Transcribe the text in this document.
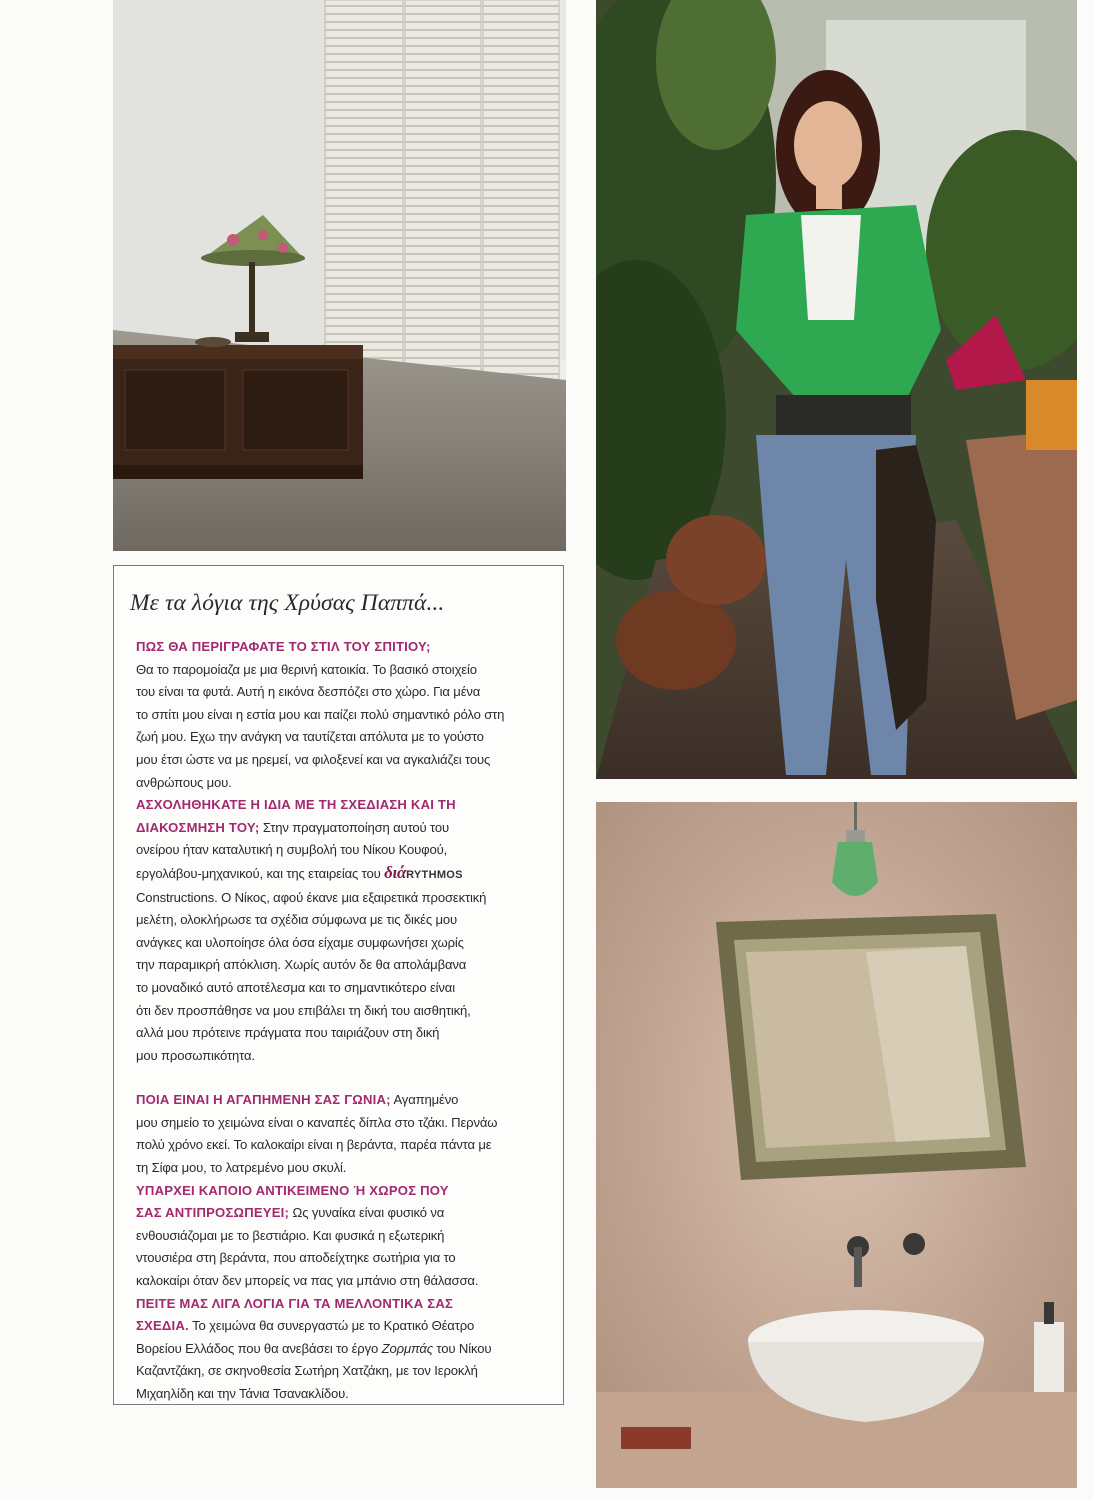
Με τα λόγια της Χρύσας Παππά...

ΠΩΣ ΘΑ ΠΕΡΙΓΡΑΦΑΤΕ ΤΟ ΣΤΙΛ ΤΟΥ ΣΠΙΤΙΟΥ;

Θα το παρομοίαζα με μια θερινή κατοικία. Το βασικό στοιχείο

του είναι τα φυτά. Αυτή η εικόνα δεσπόζει στο χώρο. Για μένα

το σπίτι μου είναι η εστία μου και παίζει πολύ σημαντικό ρόλο στη

ζωή μου. Εχω την ανάγκη να ταυτίζεται απόλυτα με το γούστο

μου έτσι ώστε να με ηρεμεί, να φιλοξενεί και να αγκαλιάζει τους

ανθρώπους μου.

ΑΣΧΟΛΗΘΗΚΑΤΕ Η ΙΔΙΑ ΜΕ ΤΗ ΣΧΕΔΙΑΣΗ ΚΑΙ ΤΗ

ΔΙΑΚΟΣΜΗΣΗ ΤΟΥ; Στην πραγματοποίηση αυτού του

ονείρου ήταν καταλυτική η συμβολή του Νίκου Κουφού,

εργολάβου-μηχανικού, και της εταιρείας του διάRYTHMOS

Constructions. Ο Νίκος, αφού έκανε μια εξαιρετικά προσεκτική

μελέτη, ολοκλήρωσε τα σχέδια σύμφωνα με τις δικές μου

ανάγκες και υλοποίησε όλα όσα είχαμε συμφωνήσει χωρίς

την παραμικρή απόκλιση. Χωρίς αυτόν δε θα απολάμβανα

το μοναδικό αυτό αποτέλεσμα και το σημαντικότερο είναι

ότι δεν προσπάθησε να μου επιβάλει τη δική του αισθητική,

αλλά μου πρότεινε πράγματα που ταιριάζουν στη δική

μου προσωπικότητα.

ΠΟΙΑ ΕΙΝΑΙ Η ΑΓΑΠΗΜΕΝΗ ΣΑΣ ΓΩΝΙΑ; Αγαπημένο

μου σημείο το χειμώνα είναι ο καναπές δίπλα στο τζάκι. Περνάω

πολύ χρόνο εκεί. Το καλοκαίρι είναι η βεράντα, παρέα πάντα με

τη Σίφα μου, το λατρεμένο μου σκυλί.

ΥΠΑΡΧΕΙ ΚΑΠΟΙΟ ΑΝΤΙΚΕΙΜΕΝΟ Ή ΧΩΡΟΣ ΠΟΥ

ΣΑΣ ΑΝΤΙΠΡΟΣΩΠΕΥΕΙ; Ως γυναίκα είναι φυσικό να

ενθουσιάζομαι με το βεστιάριο. Και φυσικά η εξωτερική

ντουσιέρα στη βεράντα, που αποδείχτηκε σωτήρια για το

καλοκαίρι όταν δεν μπορείς να πας για μπάνιο στη θάλασσα.

ΠΕΙΤΕ ΜΑΣ ΛΙΓΑ ΛΟΓΙΑ ΓΙΑ ΤΑ ΜΕΛΛΟΝΤΙΚΑ ΣΑΣ

ΣΧΕΔΙΑ. Το χειμώνα θα συνεργαστώ με το Κρατικό Θέατρο

Βορείου Ελλάδος που θα ανεβάσει το έργο Ζορμπάς του Νίκου

Καζαντζάκη, σε σκηνοθεσία Σωτήρη Χατζάκη, με τον Ιεροκλή

Μιχαηλίδη και την Τάνια Τσανακλίδου.
